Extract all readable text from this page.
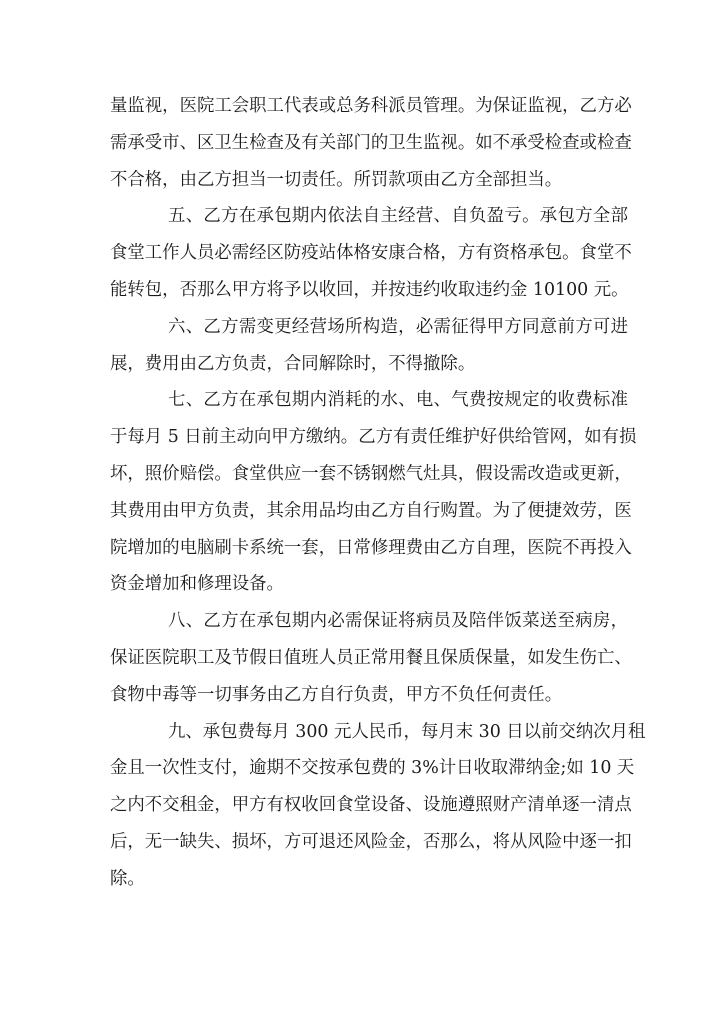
量监视，医院工会职工代表或总务科派员管理。为保证监视，乙方必
需承受市、区卫生检查及有关部门的卫生监视。如不承受检查或检查
不合格，由乙方担当一切责任。所罚款项由乙方全部担当。
五、乙方在承包期内依法自主经营、自负盈亏。承包方全部
食堂工作人员必需经区防疫站体格安康合格，方有资格承包。食堂不
能转包，否那么甲方将予以收回，并按违约收取违约金 10100 元。
六、乙方需变更经营场所构造，必需征得甲方同意前方可进
展，费用由乙方负责，合同解除时，不得撤除。
七、乙方在承包期内消耗的水、电、气费按规定的收费标准
于每月 5 日前主动向甲方缴纳。乙方有责任维护好供给管网，如有损
坏，照价赔偿。食堂供应一套不锈钢燃气灶具，假设需改造或更新，
其费用由甲方负责，其余用品均由乙方自行购置。为了便捷效劳，医
院增加的电脑刷卡系统一套，日常修理费由乙方自理，医院不再投入
资金增加和修理设备。
八、乙方在承包期内必需保证将病员及陪伴饭菜送至病房，
保证医院职工及节假日值班人员正常用餐且保质保量，如发生伤亡、
食物中毒等一切事务由乙方自行负责，甲方不负任何责任。
九、承包费每月 300 元人民币，每月末 30 日以前交纳次月租
金且一次性支付，逾期不交按承包费的 3%计日收取滞纳金;如 10 天
之内不交租金，甲方有权收回食堂设备、设施遵照财产清单逐一清点
后，无一缺失、损坏，方可退还风险金，否那么，将从风险中逐一扣
除。
